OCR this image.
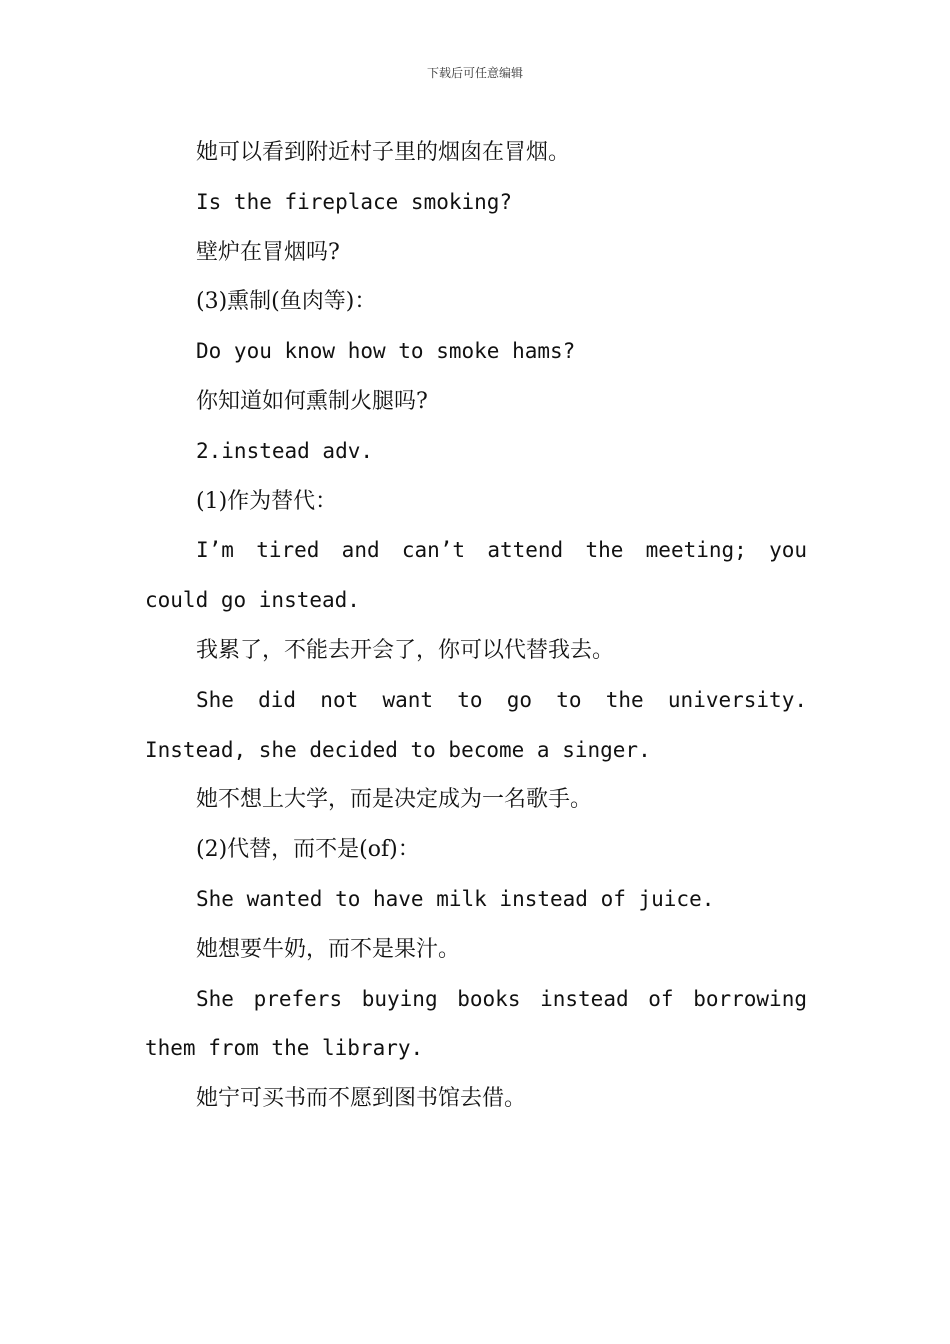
下载后可任意编辑
她可以看到附近村子里的烟囱在冒烟。
Is the fireplace smoking?
壁炉在冒烟吗?
(3)熏制(鱼肉等)：
Do you know how to smoke hams?
你知道如何熏制火腿吗?
2.instead adv.
(1)作为替代：
I’m tired and can’t attend the meeting; you
could go instead.
我累了，不能去开会了，你可以代替我去。
She did not want to go to the university.
Instead, she decided to become a singer.
她不想上大学，而是决定成为一名歌手。
(2)代替，而不是(of)：
She wanted to have milk instead of juice.
她想要牛奶，而不是果汁。
She prefers buying books instead of borrowing
them from the library.
她宁可买书而不愿到图书馆去借。
